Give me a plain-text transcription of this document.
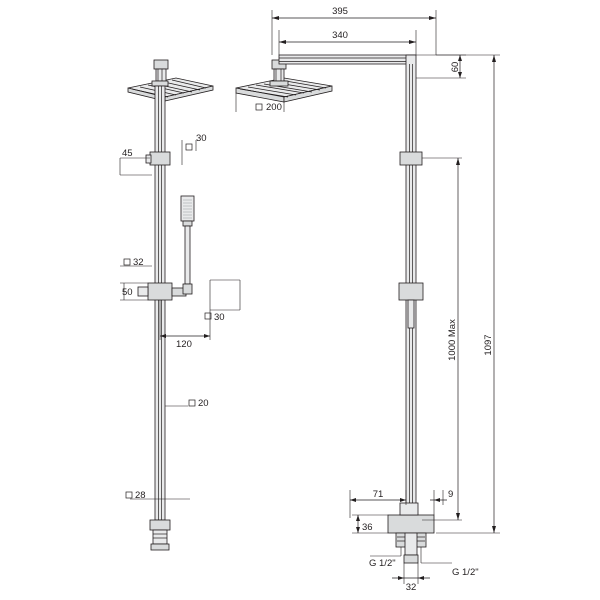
30
45
32
50
30
120
20
28
395
340
60
200
1000 Max	1097
71	9
36
G 1/2"
G 1/2"
32
